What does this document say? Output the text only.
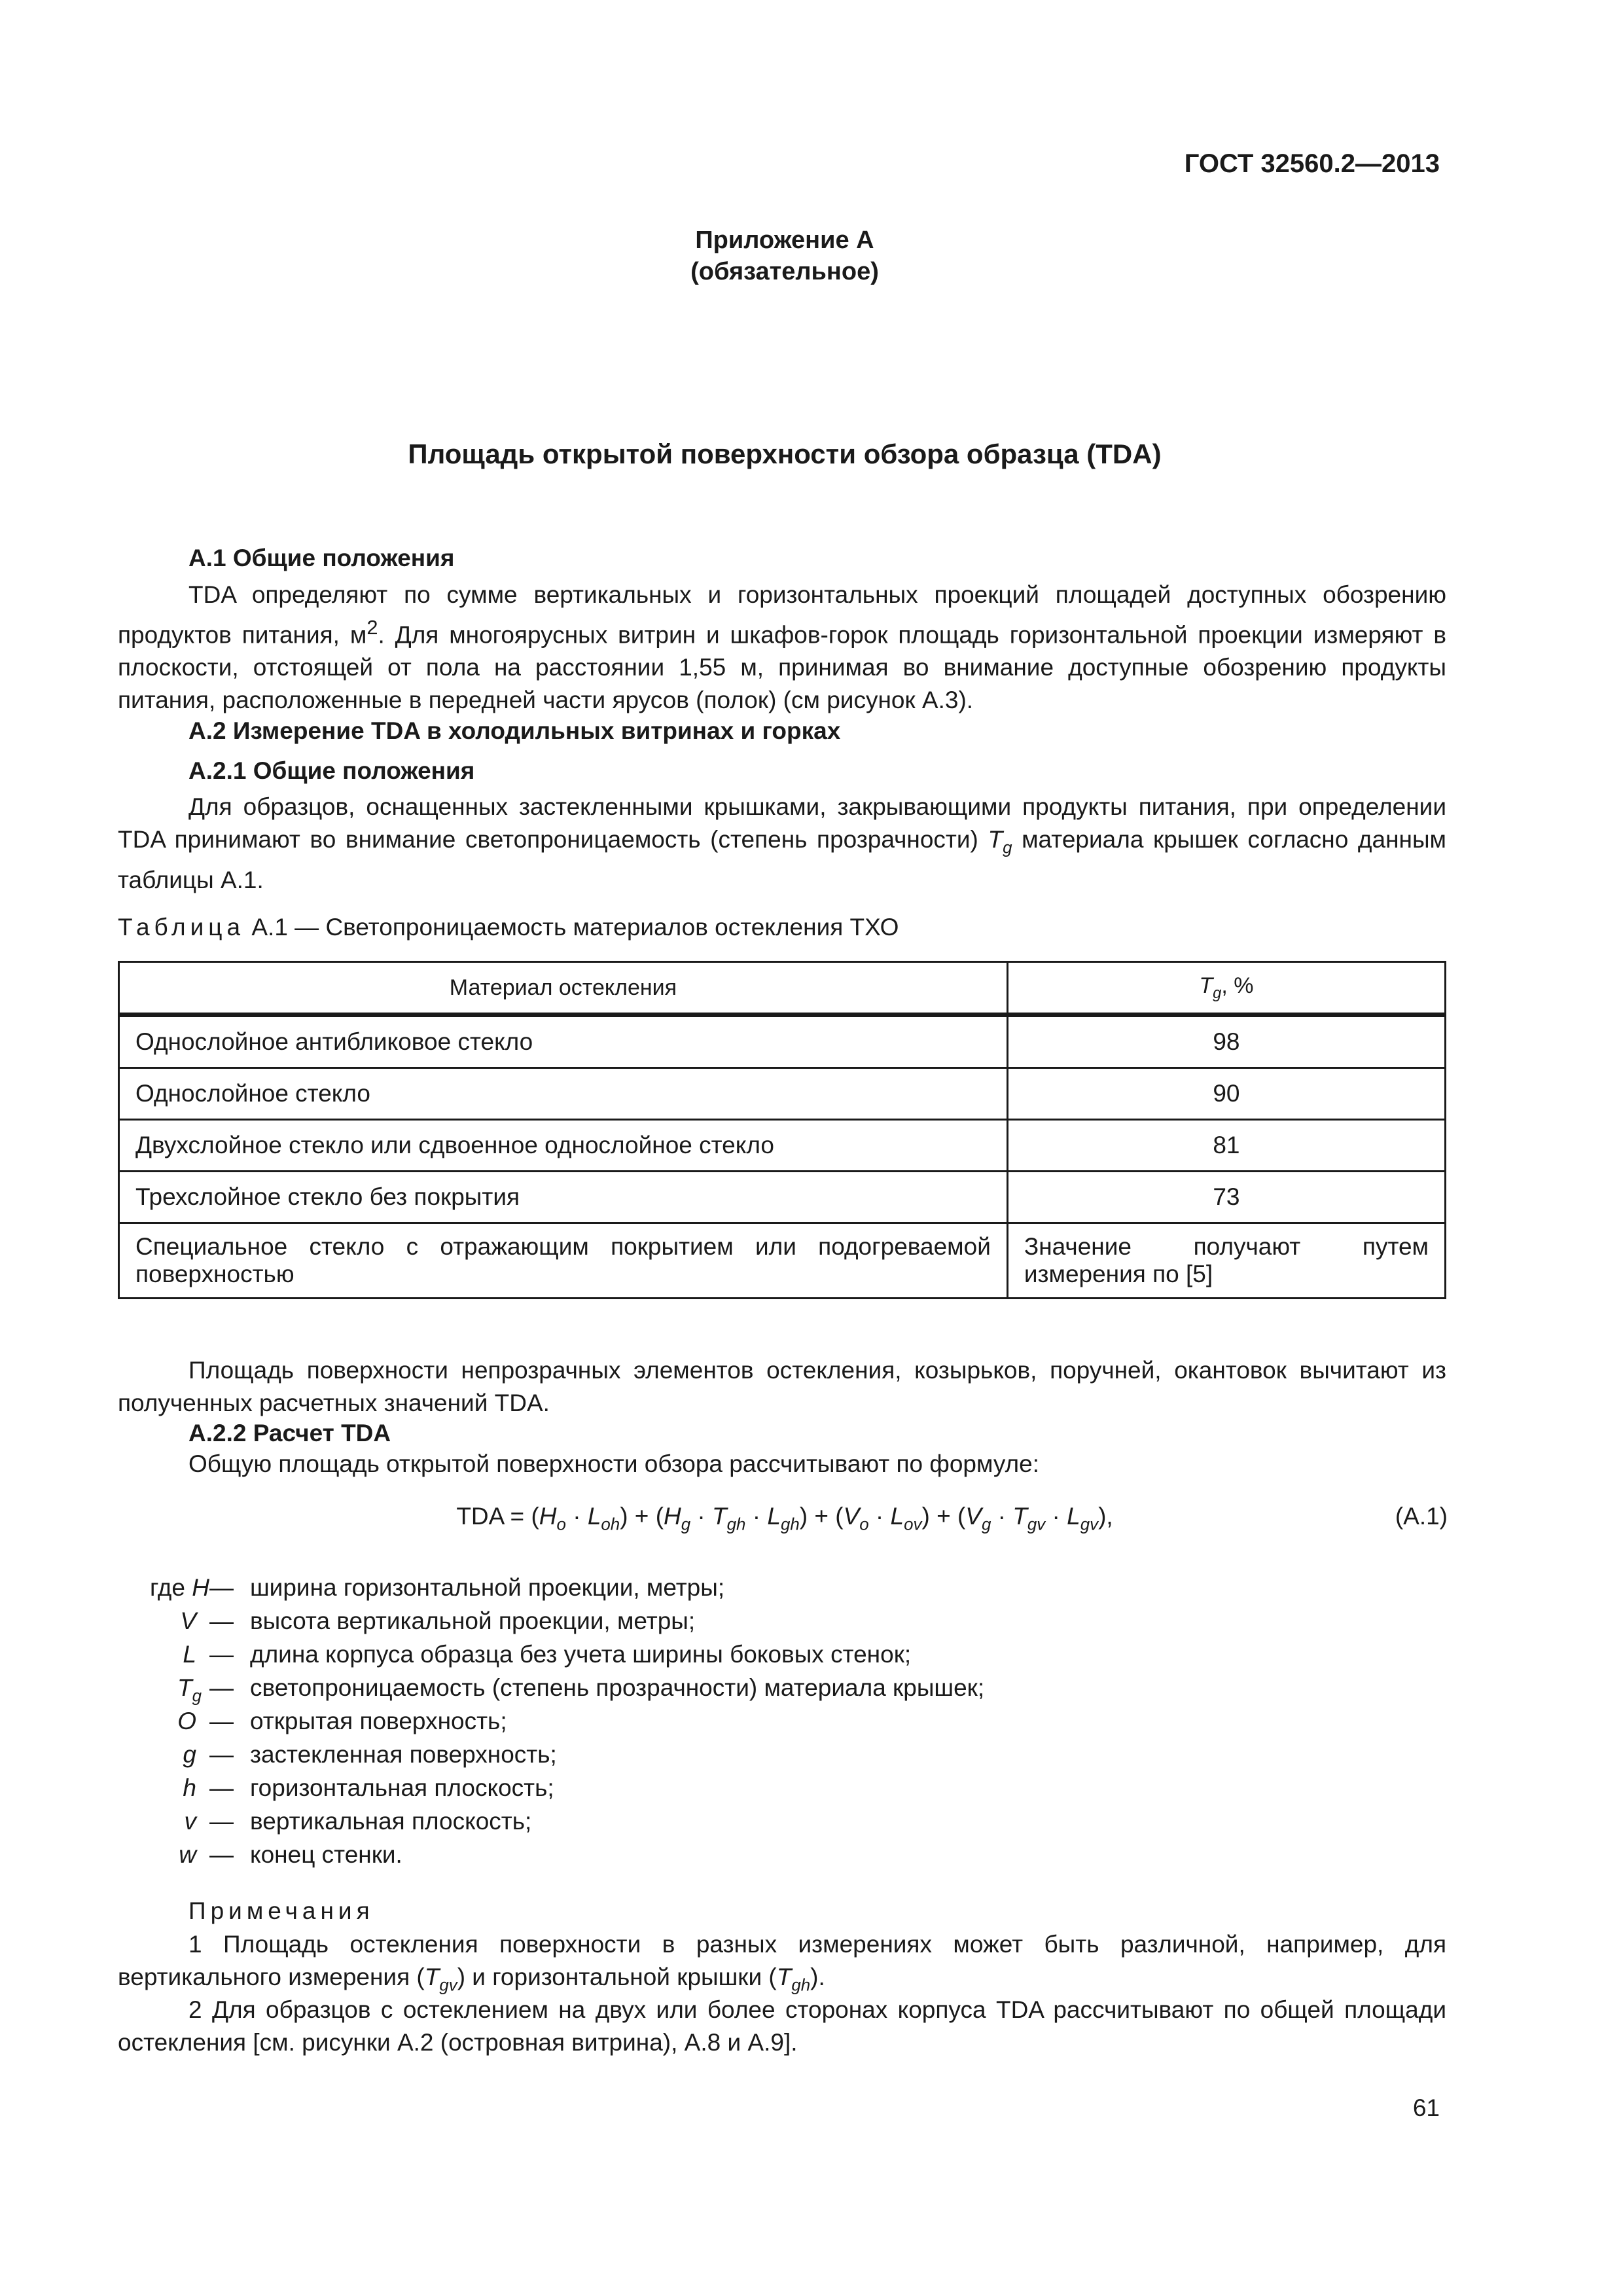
ГОСТ 32560.2—2013
Приложение А
(обязательное)
Площадь открытой поверхности обзора образца (TDA)
А.1 Общие положения
TDA определяют по сумме вертикальных и горизонтальных проекций площадей доступных обозрению продуктов питания, $м^2$. Для многоярусных витрин и шкафов-горок площадь горизонтальной проекции измеряют в плоскости, отстоящей от пола на расстоянии 1,55 м, принимая во внимание доступные обозрению продукты питания, расположенные в передней части ярусов (полок) (см рисунок А.3).
А.2 Измерение TDA в холодильных витринах и горках
А.2.1 Общие положения
Для образцов, оснащенных застекленными крышками, закрывающими продукты питания, при определении TDA принимают во внимание светопроницаемость (степень прозрачности) $T_g$ материала крышек согласно данным таблицы А.1.
Таблица А.1 — Светопроницаемость материалов остекления ТХО
Материал остекления	$T_g$, %
Однослойное антибликовое стекло	98
Однослойное стекло	90
Двухслойное стекло или сдвоенное однослойное стекло	81
Трехслойное стекло без покрытия	73
Специальное стекло с отражающим покрытием или подогреваемой поверхностью	Значение получают путем измерения по [5]
Площадь поверхности непрозрачных элементов остекления, козырьков, поручней, окантовок вычитают из полученных расчетных значений TDA.
А.2.2 Расчет TDA
Общую площадь открытой поверхности обзора рассчитывают по формуле:
TDA = $(H_o \cdot L_{oh}) + (H_g \cdot T_{gh} \cdot L_{gh}) + (V_o \cdot L_{ov}) + (V_g \cdot T_{gv} \cdot L_{gv})$,	(А.1)
где H — ширина горизонтальной проекции, метры;
V — высота вертикальной проекции, метры;
L — длина корпуса образца без учета ширины боковых стенок;
$T_g$ — светопроницаемость (степень прозрачности) материала крышек;
O — открытая поверхность;
g — застекленная поверхность;
h — горизонтальная плоскость;
v — вертикальная плоскость;
w — конец стенки.
Примечания
1 Площадь остекления поверхности в разных измерениях может быть различной, например, для вертикального измерения $(T_{gv})$ и горизонтальной крышки $(T_{gh})$.
2 Для образцов с остеклением на двух или более сторонах корпуса TDA рассчитывают по общей площади остекления [см. рисунки А.2 (островная витрина), А.8 и А.9].
61
